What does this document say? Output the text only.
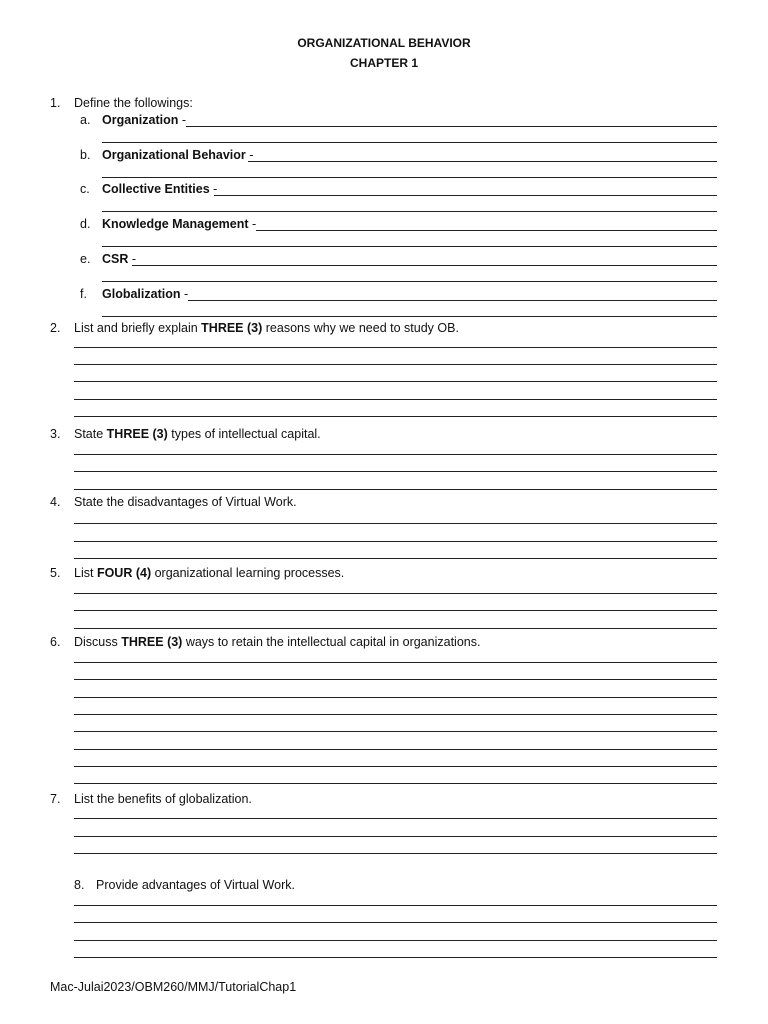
ORGANIZATIONAL BEHAVIOR
CHAPTER 1
1. Define the followings:
a. Organization -
b. Organizational Behavior -
c. Collective Entities -
d. Knowledge Management -
e. CSR -
f. Globalization -
2. List and briefly explain THREE (3) reasons why we need to study OB.
3. State THREE (3) types of intellectual capital.
4. State the disadvantages of Virtual Work.
5. List FOUR (4) organizational learning processes.
6. Discuss THREE (3) ways to retain the intellectual capital in organizations.
7. List the benefits of globalization.
8. Provide advantages of Virtual Work.
Mac-Julai2023/OBM260/MMJ/TutorialChap1
